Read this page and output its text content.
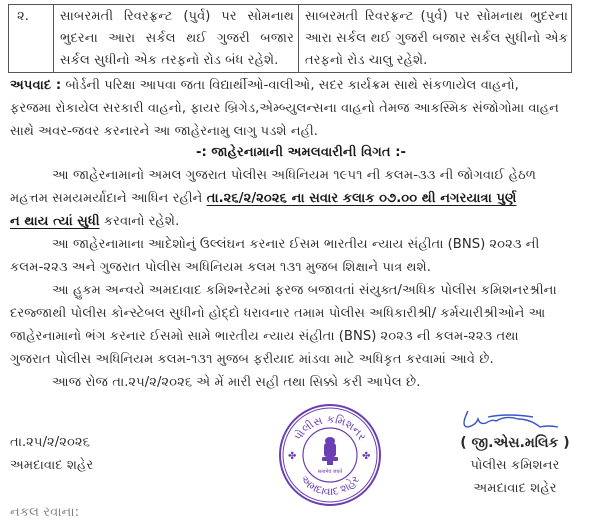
૨.	સાબરમતી રિવરફ્રન્ટ (પુર્વ) પર સોમનાથ ભુદરના આરા સર્કલ થઈ ગુજરી બજાર સર્કલ સુધીનો એક તરફનો રોડ બંધ રહેશે.
સાબરમતી રિવરફ્રન્ટ (પુર્વ) પર સોમનાથ ભુદરના આરા સર્કલ થઈ ગુજરી બજાર સર્કલ સુધીનો એક તરફનો રોડ ચાલુ રહેશે.
અપવાદ : બોર્ડની પરિક્ષા આપવા જતા વિદ્યાર્થીઓ-વાલીઓ, સદર કાર્યક્રમ સાથે સંકળાયેલ વાહનો,
ફરજમા રોકાયેલ સરકારી વાહનો, ફાયર બ્રિગેડ,એમ્બ્યુલન્સના વાહનો તેમજ આકસ્મિક સંજોગોમા વાહન
સાથે અવર-જવર કરનારને આ જાહેરનામુ લાગુ પડશે નહી.
-: જાહેરનામાની અમલવારીની વિગત :-
આ જાહેરનામાનો અમલ ગુજરાત પોલીસ અધિનિયમ ૧૯૫૧ ની કલમ-૩૩ ની જોગવાઈ હેઠળ
મહત્તમ સમયમર્યાદાને આધિન રહીને તા.૨૬/૨/૨૦૨૬ ના સવાર કલાક ૦૭.૦૦ થી નગરયાત્રા પુર્ણ
ન થાય ત્યાં સુધી કરવાનો રહેશે.
આ જાહેરનામાના આદેશોનું ઉલ્લંઘન કરનાર ઈસમ ભારતીય ન્યાય સંહીતા (BNS) ૨૦૨૩ ની
કલમ-૨૨૩ અને ગુજરાત પોલીસ અધિનિયમ કલમ ૧૩૧ મુજબ શિક્ષાને પાત્ર થશે.
આ હુકમ અન્વયે અમદાવાદ કમિશ્નરેટમાં ફરજ બજાવતાં સંયુક્ત/અધિક પોલીસ કમિશનરશ્રીના
દરજ્જાથી પોલીસ કોન્સ્ટેબલ સુધીનો હોદ્દો ધરાવનાર તમામ પોલીસ અધિકારીશ્રી/ કર્મચારીશ્રીઓને આ
જાહેરનામાનો ભંગ કરનાર ઈસમો સામે ભારતીય ન્યાય સંહીતા (BNS) ૨૦૨૩ ની કલમ-૨૨૩ તથા
ગુજરાત પોલીસ અધિનિયમ કલમ-૧૩૧ મુજબ ફરીયાદ માંડવા માટે અધિકૃત કરવામાં આવે છે.
આજ રોજ તા.૨૫/૨/૨૦૨૬ એ મેં મારી સહી તથા સિક્કો કરી આપેલ છે.
તા.૨૫/૨/૨૦૨૬
અમદાવાદ શહેર
નકલ રવાના:
પોલીસ કમિશનર
અમદાવાદ શહેર
✤	✤
सत्यमेव जयते
( જી.એસ.મલિક )
પોલીસ કમિશનર
અમદાવાદ શહેર
